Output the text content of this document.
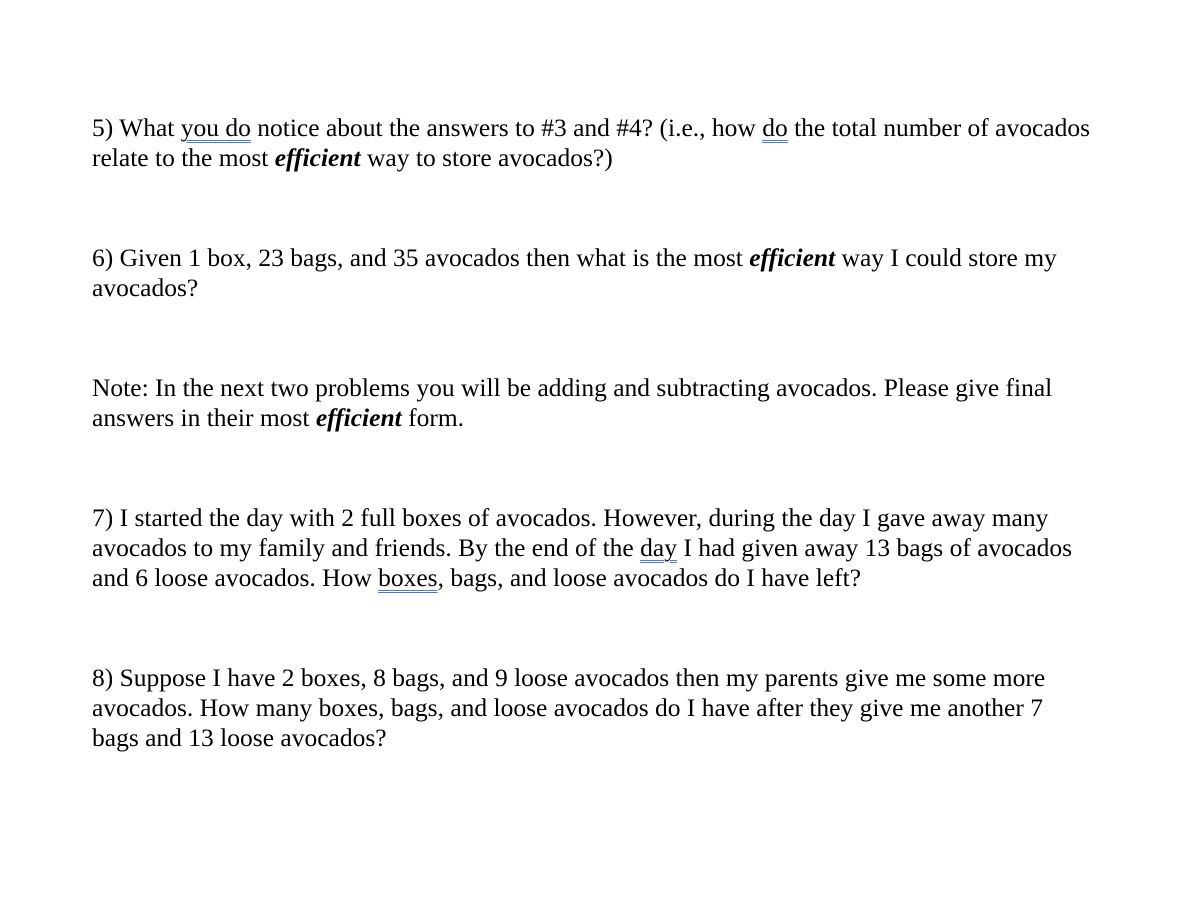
5) What you do notice about the answers to #3 and #4? (i.e., how do the total number of avocados relate to the most efficient way to store avocados?)

6) Given 1 box, 23 bags, and 35 avocados then what is the most efficient way I could store my avocados?

Note: In the next two problems you will be adding and subtracting avocados. Please give final answers in their most efficient form.

7) I started the day with 2 full boxes of avocados. However, during the day I gave away many avocados to my family and friends. By the end of the day I had given away 13 bags of avocados and 6 loose avocados. How boxes, bags, and loose avocados do I have left?

8) Suppose I have 2 boxes, 8 bags, and 9 loose avocados then my parents give me some more avocados. How many boxes, bags, and loose avocados do I have after they give me another 7 bags and 13 loose avocados?
